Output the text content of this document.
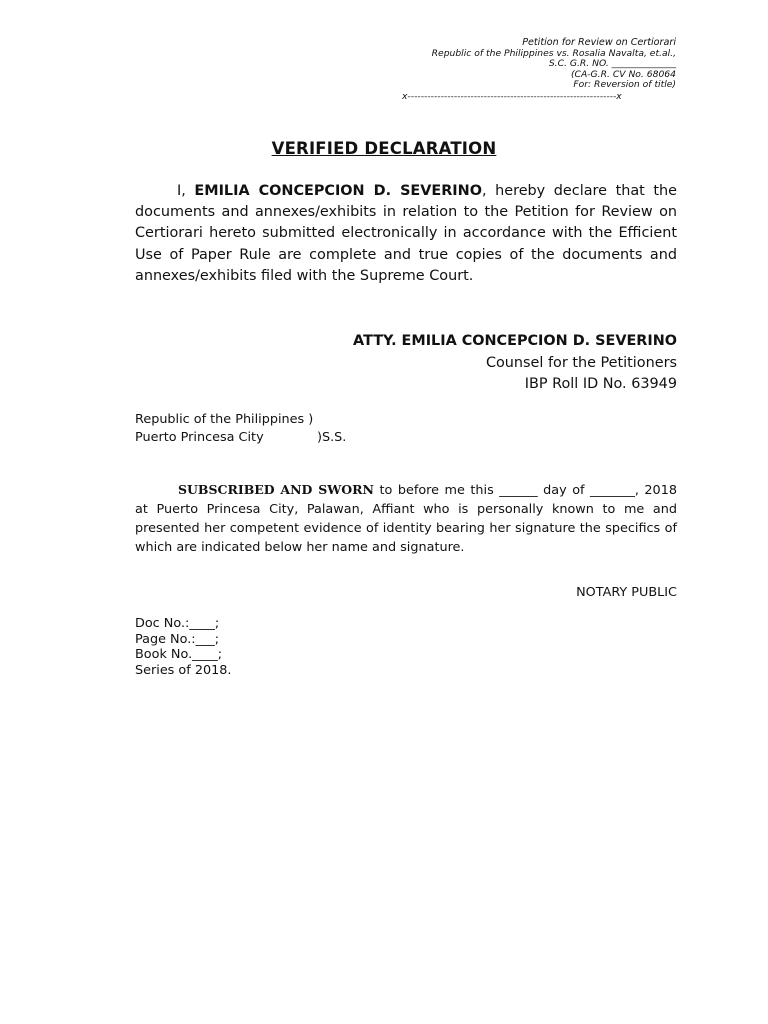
Petition for Review on Certiorari
Republic of the Philippines vs. Rosalia Navalta, et.al.,
S.C. G.R. NO. ______________
(CA-G.R. CV No. 68064
For: Reversion of title)
x---------------------------------------------------------------x
VERIFIED DECLARATION
I, EMILIA CONCEPCION D. SEVERINO, hereby declare that the documents and annexes/exhibits in relation to the Petition for Review on Certiorari hereto submitted electronically in accordance with the Efficient Use of Paper Rule are complete and true copies of the documents and annexes/exhibits filed with the Supreme Court.
ATTY. EMILIA CONCEPCION D. SEVERINO
Counsel for the Petitioners
IBP Roll ID No. 63949
Republic of the Philippines )
Puerto Princesa City	)S.S.
SUBSCRIBED AND SWORN to before me this ______ day of _______, 2018 at Puerto Princesa City, Palawan, Affiant who is personally known to me and presented her competent evidence of identity bearing her signature the specifics of which are indicated below her name and signature.
NOTARY PUBLIC
Doc No.:____;
Page No.:___;
Book No.____;
Series of 2018.
